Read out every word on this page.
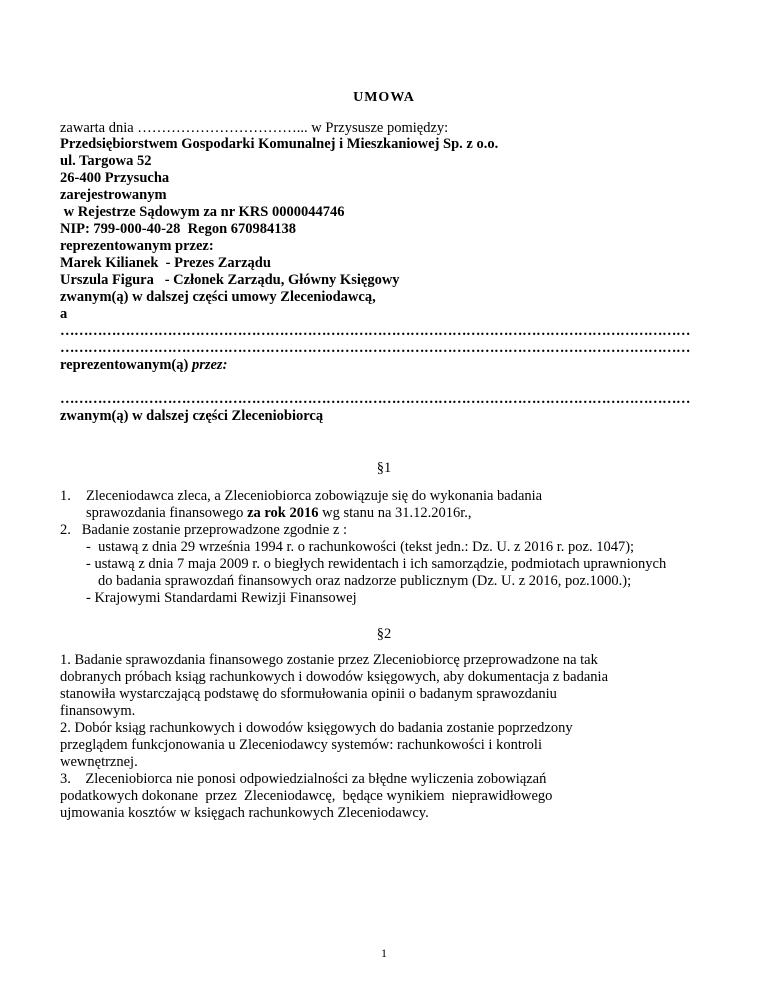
UMOWA
zawarta dnia ……………………………... w Przysusze pomiędzy:
Przedsiębiorstwem Gospodarki Komunalnej i Mieszkaniowej Sp. z o.o.
ul. Targowa 52
26-400 Przysucha
zarejestrowanym
w Rejestrze Sądowym za nr KRS 0000044746
NIP: 799-000-40-28  Regon 670984138
reprezentowanym przez:
Marek Kilianek  - Prezes Zarządu
Urszula Figura   - Członek Zarządu, Główny Księgowy
zwanym(ą) w dalszej części umowy Zleceniodawcą,
a
………………………………………………………………………………………………………………………
………………………………………………………………………………………………………………………
reprezentowanym(ą) przez:
………………………………………………………………………………………………………………………
zwanym(ą) w dalszej części Zleceniobiorcą
§1
1. Zleceniodawca zleca, a Zleceniobiorca zobowiązuje się do wykonania badania
sprawozdania finansowego za rok 2016 wg stanu na 31.12.2016r.,
2.   Badanie zostanie przeprowadzone zgodnie z :
-  ustawą z dnia 29 września 1994 r. o rachunkowości (tekst jedn.: Dz. U. z 2016 r. poz. 1047);
- ustawą z dnia 7 maja 2009 r. o biegłych rewidentach i ich samorządzie, podmiotach uprawnionych
do badania sprawozdań finansowych oraz nadzorze publicznym (Dz. U. z 2016, poz.1000.);
- Krajowymi Standardami Rewizji Finansowej
§2
1. Badanie sprawozdania finansowego zostanie przez Zleceniobiorcę przeprowadzone na tak
dobranych próbach ksiąg rachunkowych i dowodów księgowych, aby dokumentacja z badania
stanowiła wystarczającą podstawę do sformułowania opinii o badanym sprawozdaniu
finansowym.
2. Dobór ksiąg rachunkowych i dowodów księgowych do badania zostanie poprzedzony
przeglądem funkcjonowania u Zleceniodawcy systemów: rachunkowości i kontroli
wewnętrznej.
3.    Zleceniobiorca nie ponosi odpowiedzialności za błędne wyliczenia zobowiązań
podatkowych dokonane  przez  Zleceniodawcę,  będące wynikiem  nieprawidłowego
ujmowania kosztów w księgach rachunkowych Zleceniodawcy.
1
